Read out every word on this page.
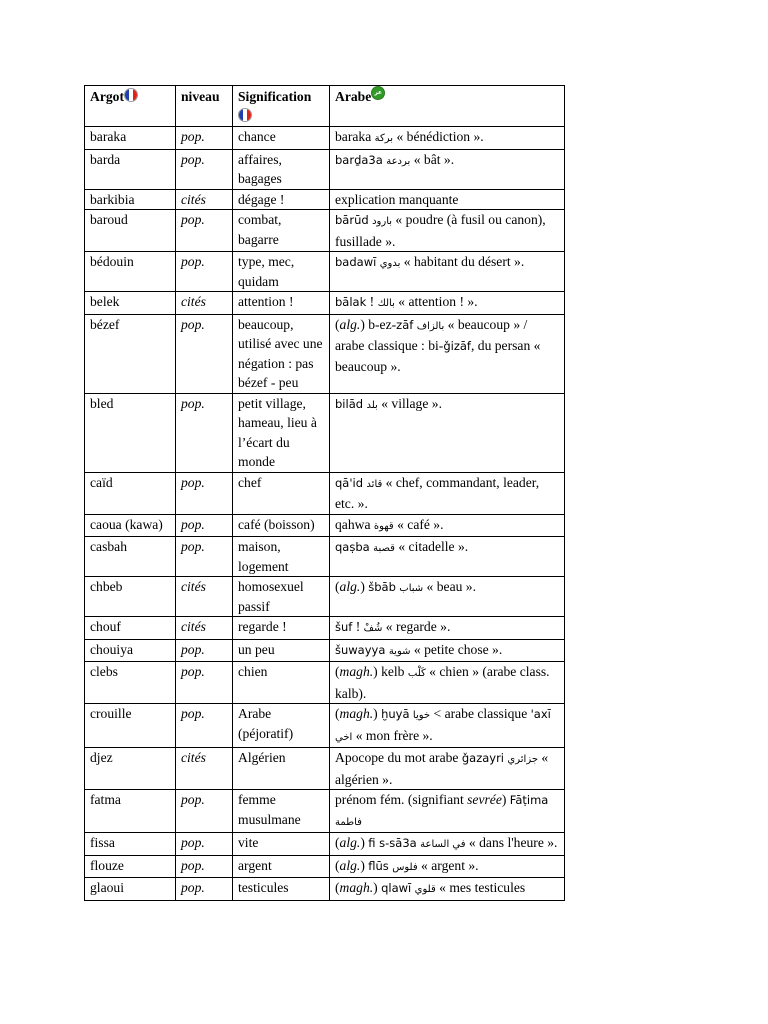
Argot	niveau	Signification	Arabe عرب

baraka	pop.	chance	baraka بركة « bénédiction ».
barda	pop.	affaires, bagages	barḏa3a بردعة « bât ».
barkibia	cités	dégage !	explication manquante
baroud	pop.	combat, bagarre	bārūd بارود « poudre (à fusil ou canon), fusillade ».
bédouin	pop.	type, mec, quidam	badawī بدوي « habitant du désert ».
belek	cités	attention !	bālak ! بالك « attention ! ».
bézef	pop.	beaucoup, utilisé avec une négation : pas bézef - peu	(alg.) b-ez-zāf بالزاف « beaucoup » / arabe classique : bi-ǧizāf, du persan « beaucoup ».
bled	pop.	petit village, hameau, lieu à l’écart du monde	bilād بلد « village ».
caïd	pop.	chef	qā'id قائد « chef, commandant, leader, etc. ».
caoua (kawa)	pop.	café (boisson)	qahwa قهوة « café ».
casbah	pop.	maison, logement	qaṣba قصبة « citadelle ».
chbeb	cités	homosexuel passif	(alg.) šbāb شباب « beau ».
chouf	cités	regarde !	šuf ! شُفْ « regarde ».
chouiya	pop.	un peu	šuwayya شوية « petite chose ».
clebs	pop.	chien	(magh.) kelb كَلْب « chien » (arabe class. kalb).
crouille	pop.	Arabe (péjoratif)	(magh.) ḫuyā خويا < arabe classique 'axī اخي « mon frère ».
djez	cités	Algérien	Apocope du mot arabe ǧazayri جزائري « algérien ».
fatma	pop.	femme musulmane	prénom fém. (signifiant sevrée) Fāṭima فاطمة
fissa	pop.	vite	(alg.) fi s-sā3a في الساعة « dans l'heure ».
flouze	pop.	argent	(alg.) flūs فلوس « argent ».
glaoui	pop.	testicules	(magh.) qlawī قلوي « mes testicules
